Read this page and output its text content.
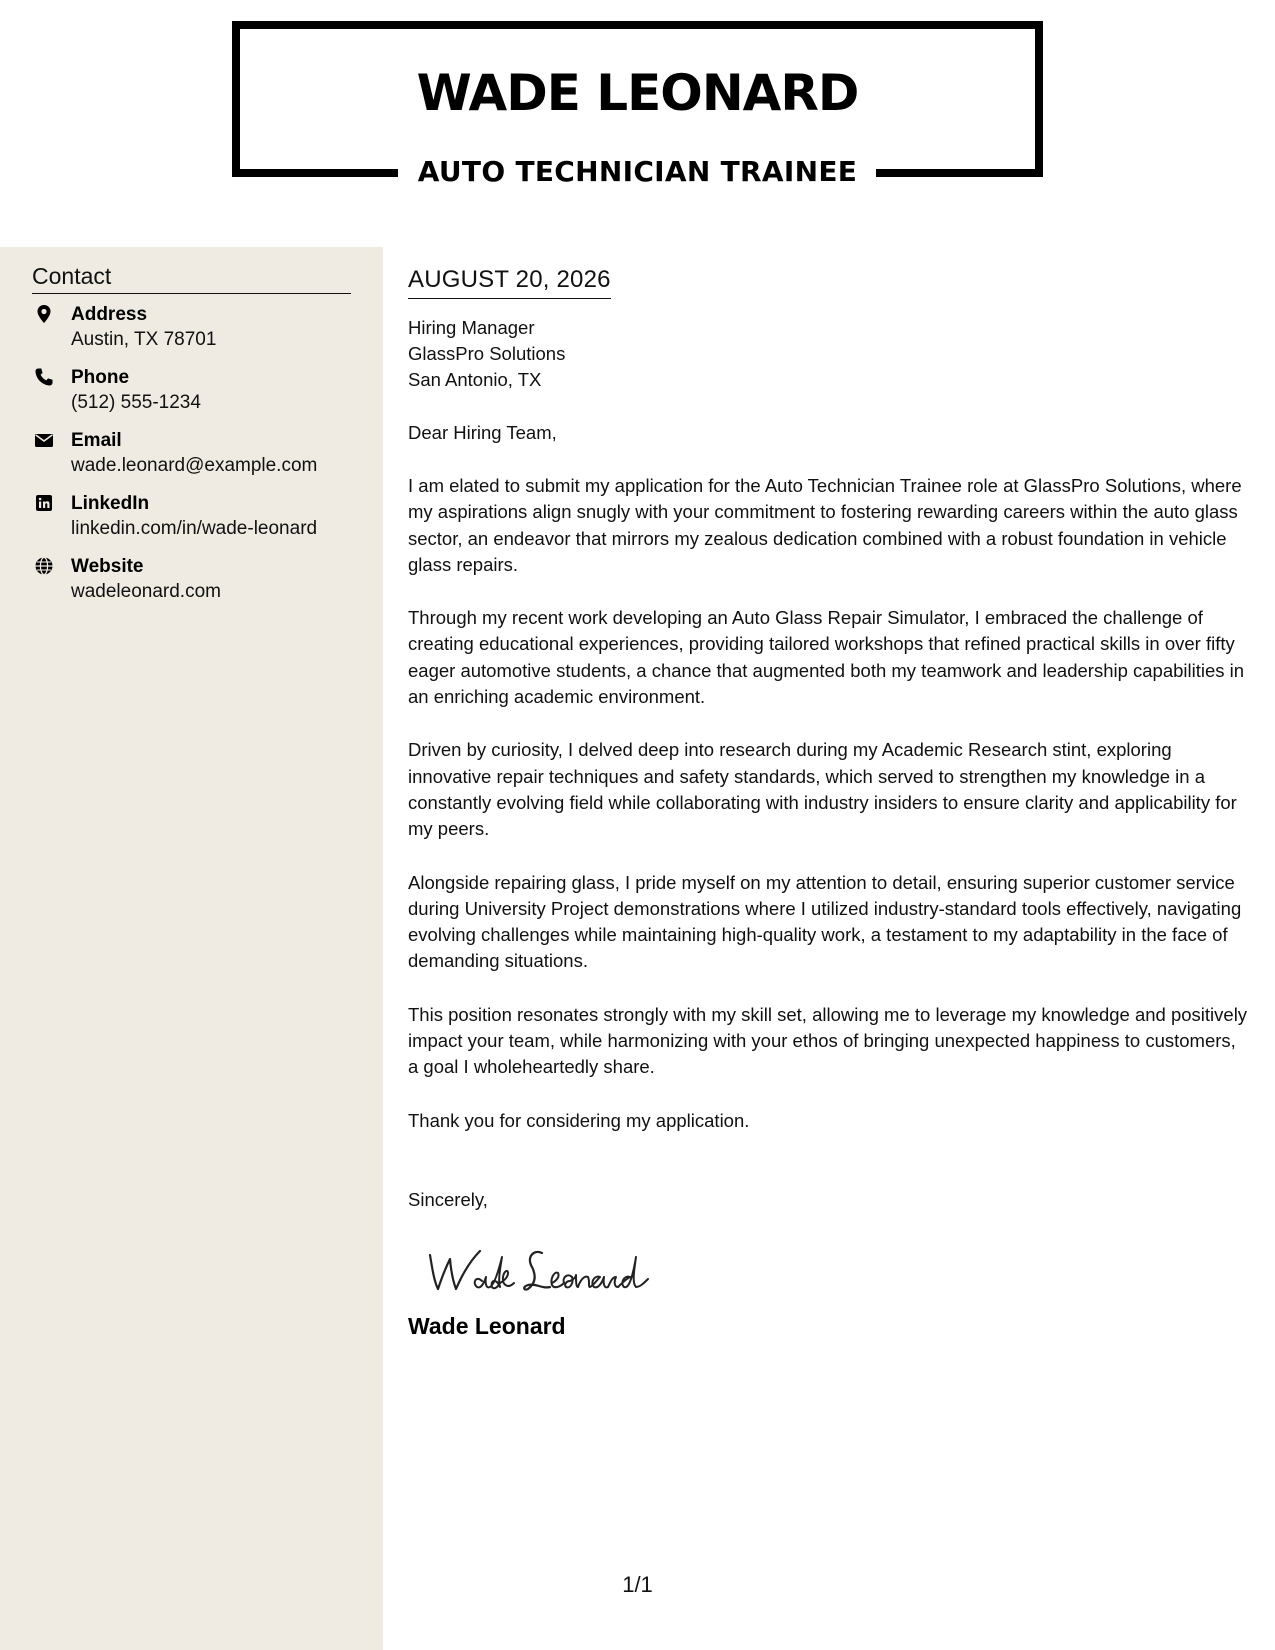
WADE LEONARD
AUTO TECHNICIAN TRAINEE
Contact
Address
Austin, TX 78701
Phone
(512) 555-1234
Email
wade.leonard@example.com
LinkedIn
linkedin.com/in/wade-leonard
Website
wadeleonard.com
AUGUST 20, 2026
Hiring Manager
GlassPro Solutions
San Antonio, TX
Dear Hiring Team,
I am elated to submit my application for the Auto Technician Trainee role at GlassPro Solutions, where my aspirations align snugly with your commitment to fostering rewarding careers within the auto glass sector, an endeavor that mirrors my zealous dedication combined with a robust foundation in vehicle glass repairs.
Through my recent work developing an Auto Glass Repair Simulator, I embraced the challenge of creating educational experiences, providing tailored workshops that refined practical skills in over fifty eager automotive students, a chance that augmented both my teamwork and leadership capabilities in an enriching academic environment.
Driven by curiosity, I delved deep into research during my Academic Research stint, exploring innovative repair techniques and safety standards, which served to strengthen my knowledge in a constantly evolving field while collaborating with industry insiders to ensure clarity and applicability for my peers.
Alongside repairing glass, I pride myself on my attention to detail, ensuring superior customer service during University Project demonstrations where I utilized industry-standard tools effectively, navigating evolving challenges while maintaining high-quality work, a testament to my adaptability in the face of demanding situations.
This position resonates strongly with my skill set, allowing me to leverage my knowledge and positively impact your team, while harmonizing with your ethos of bringing unexpected happiness to customers, a goal I wholeheartedly share.
Thank you for considering my application.
Sincerely,
Wade Leonard
1/1
